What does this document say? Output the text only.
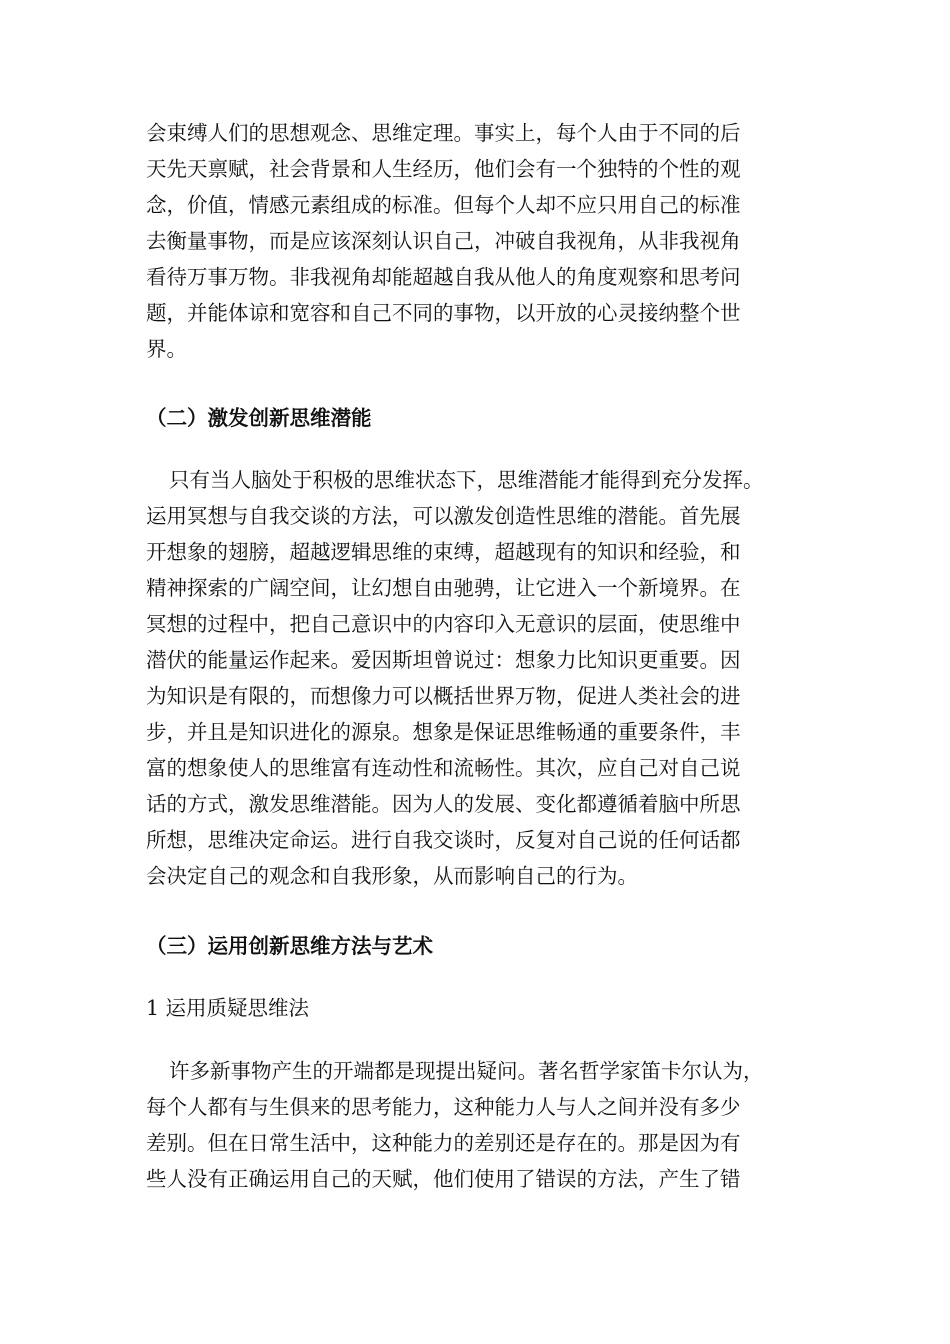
会束缚人们的思想观念、思维定理。事实上，每个人由于不同的后
天先天禀赋，社会背景和人生经历，他们会有一个独特的个性的观
念，价值，情感元素组成的标准。但每个人却不应只用自己的标准
去衡量事物，而是应该深刻认识自己，冲破自我视角，从非我视角
看待万事万物。非我视角却能超越自我从他人的角度观察和思考问
题，并能体谅和宽容和自己不同的事物，以开放的心灵接纳整个世
界。
（二）激发创新思维潜能
只有当人脑处于积极的思维状态下，思维潜能才能得到充分发挥。
运用冥想与自我交谈的方法，可以激发创造性思维的潜能。首先展
开想象的翅膀，超越逻辑思维的束缚，超越现有的知识和经验，和
精神探索的广阔空间，让幻想自由驰骋，让它进入一个新境界。在
冥想的过程中，把自己意识中的内容印入无意识的层面，使思维中
潜伏的能量运作起来。爱因斯坦曾说过：想象力比知识更重要。因
为知识是有限的，而想像力可以概括世界万物，促进人类社会的进
步，并且是知识进化的源泉。想象是保证思维畅通的重要条件，丰
富的想象使人的思维富有连动性和流畅性。其次，应自己对自己说
话的方式，激发思维潜能。因为人的发展、变化都遵循着脑中所思
所想，思维决定命运。进行自我交谈时，反复对自己说的任何话都
会决定自己的观念和自我形象，从而影响自己的行为。
（三）运用创新思维方法与艺术
1 运用质疑思维法
许多新事物产生的开端都是现提出疑问。著名哲学家笛卡尔认为，
每个人都有与生俱来的思考能力，这种能力人与人之间并没有多少
差别。但在日常生活中，这种能力的差别还是存在的。那是因为有
些人没有正确运用自己的天赋，他们使用了错误的方法，产生了错
